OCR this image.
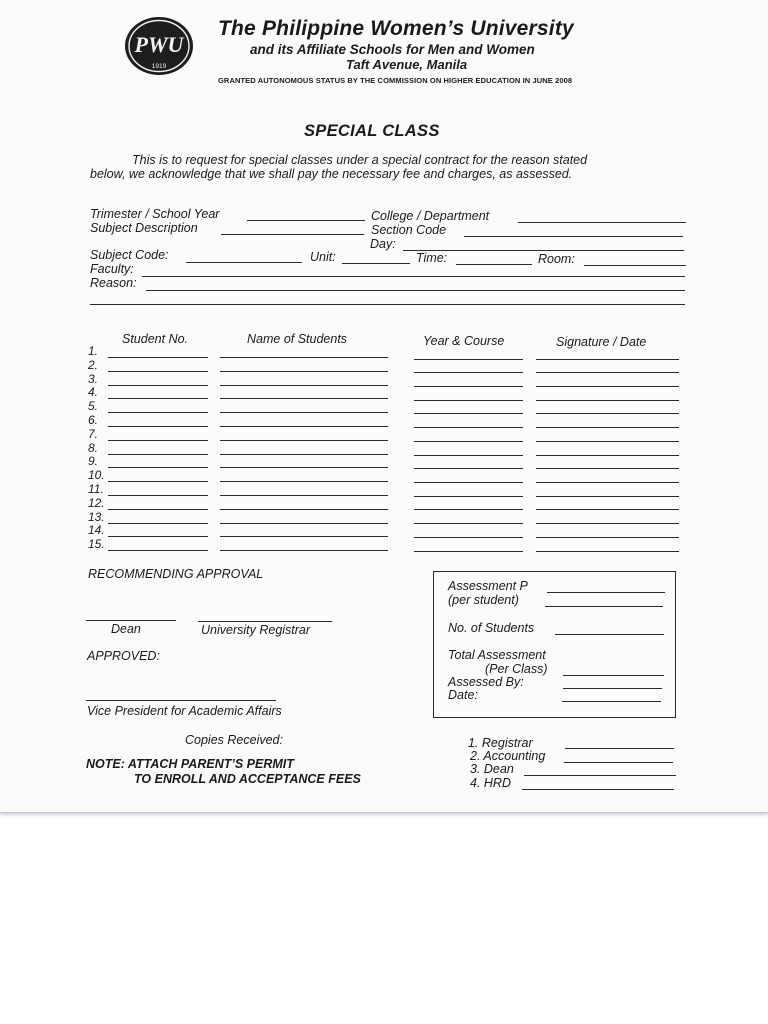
PWU
1919
The Philippine Women’s University
and its Affiliate Schools for Men and Women
Taft Avenue, Manila
GRANTED AUTONOMOUS STATUS BY THE COMMISSION ON HIGHER EDUCATION IN JUNE 2008
SPECIAL CLASS
This is to request for special classes under a special contract for the reason stated
below, we acknowledge that we shall pay the necessary fee and charges, as assessed.
Trimester / School Year	College / Department
Subject Description	Section Code
Day:
Subject Code:	Unit:	Time:	Room:
Faculty:
Reason:
Student No.	Name of Students	Year & Course	Signature / Date
1.
2.
3.
4.
5.
6.
7.
8.
9.
10.
11.
12.
13.
14.
15.
RECOMMENDING APPROVAL
Dean	University Registrar
APPROVED:
Vice President for Academic Affairs
Assessment P
(per student)
No. of Students
Total Assessment
(Per Class)
Assessed By:
Date:
Copies Received:	1. Registrar
2. Accounting
3. Dean
4. HRD
NOTE: ATTACH PARENT’S PERMIT
TO ENROLL AND ACCEPTANCE FEES
